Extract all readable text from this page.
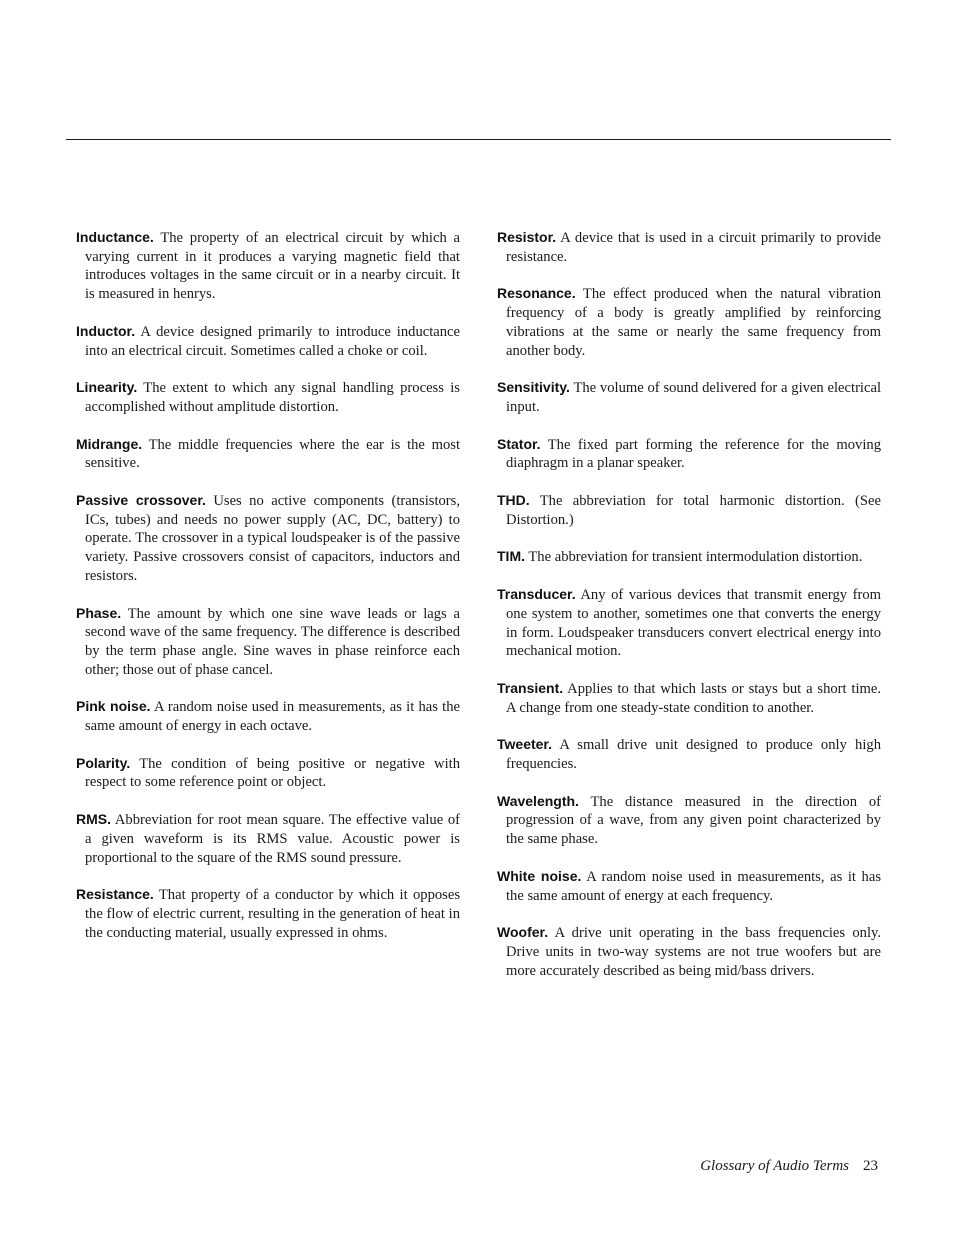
Inductance. The property of an electrical circuit by which a varying current in it produces a varying magnetic field that introduces voltages in the same circuit or in a nearby circuit. It is measured in henrys.

Inductor. A device designed primarily to introduce inductance into an electrical circuit. Sometimes called a choke or coil.

Linearity. The extent to which any signal handling process is accomplished without amplitude distortion.

Midrange. The middle frequencies where the ear is the most sensitive.

Passive crossover. Uses no active components (transistors, ICs, tubes) and needs no power supply (AC, DC, battery) to operate. The crossover in a typical loudspeaker is of the passive variety. Passive crossovers consist of capacitors, inductors and resistors.

Phase. The amount by which one sine wave leads or lags a second wave of the same frequency. The difference is described by the term phase angle. Sine waves in phase reinforce each other; those out of phase cancel.

Pink noise. A random noise used in measurements, as it has the same amount of energy in each octave.

Polarity. The condition of being positive or negative with respect to some reference point or object.

RMS. Abbreviation for root mean square. The effective value of a given waveform is its RMS value. Acoustic power is proportional to the square of the RMS sound pressure.

Resistance. That property of a conductor by which it opposes the flow of electric current, resulting in the generation of heat in the conducting material, usually expressed in ohms.

Resistor. A device that is used in a circuit primarily to provide resistance.

Resonance. The effect produced when the natural vibration frequency of a body is greatly amplified by reinforcing vibrations at the same or nearly the same frequency from another body.

Sensitivity. The volume of sound delivered for a given electrical input.

Stator. The fixed part forming the reference for the moving diaphragm in a planar speaker.

THD. The abbreviation for total harmonic distortion. (See Distortion.)

TIM. The abbreviation for transient intermodulation distortion.

Transducer. Any of various devices that transmit energy from one system to another, sometimes one that converts the energy in form. Loudspeaker transducers convert electrical energy into mechanical motion.

Transient. Applies to that which lasts or stays but a short time. A change from one steady-state condition to another.

Tweeter. A small drive unit designed to produce only high frequencies.

Wavelength. The distance measured in the direction of progression of a wave, from any given point characterized by the same phase.

White noise. A random noise used in measurements, as it has the same amount of energy at each frequency.

Woofer. A drive unit operating in the bass frequencies only. Drive units in two-way systems are not true woofers but are more accurately described as being mid/bass drivers.

Glossary of Audio Terms 23
